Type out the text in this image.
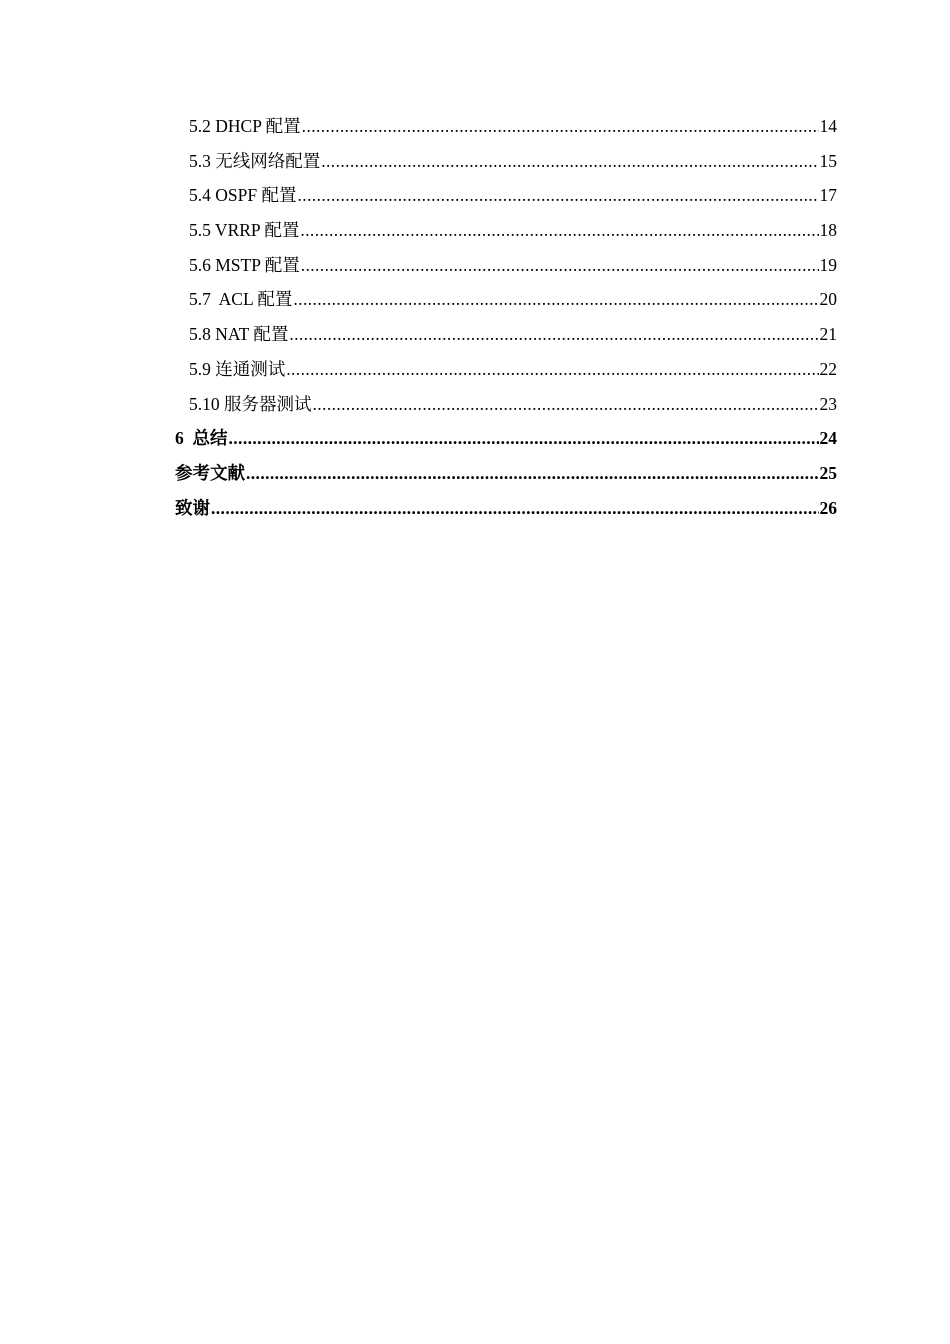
5.2 DHCP 配置 .....	14
5.3 无线网络配置 .....	15
5.4 OSPF 配置 .....	17
5.5 VRRP 配置 .....	18
5.6 MSTP 配置 .....	19
5.7  ACL 配置 .....	20
5.8 NAT 配置 .....	21
5.9 连通测试 .....	22
5.10 服务器测试 .....	23
6  总结 .....	24
参考文献 .....	25
致谢 .....	26
